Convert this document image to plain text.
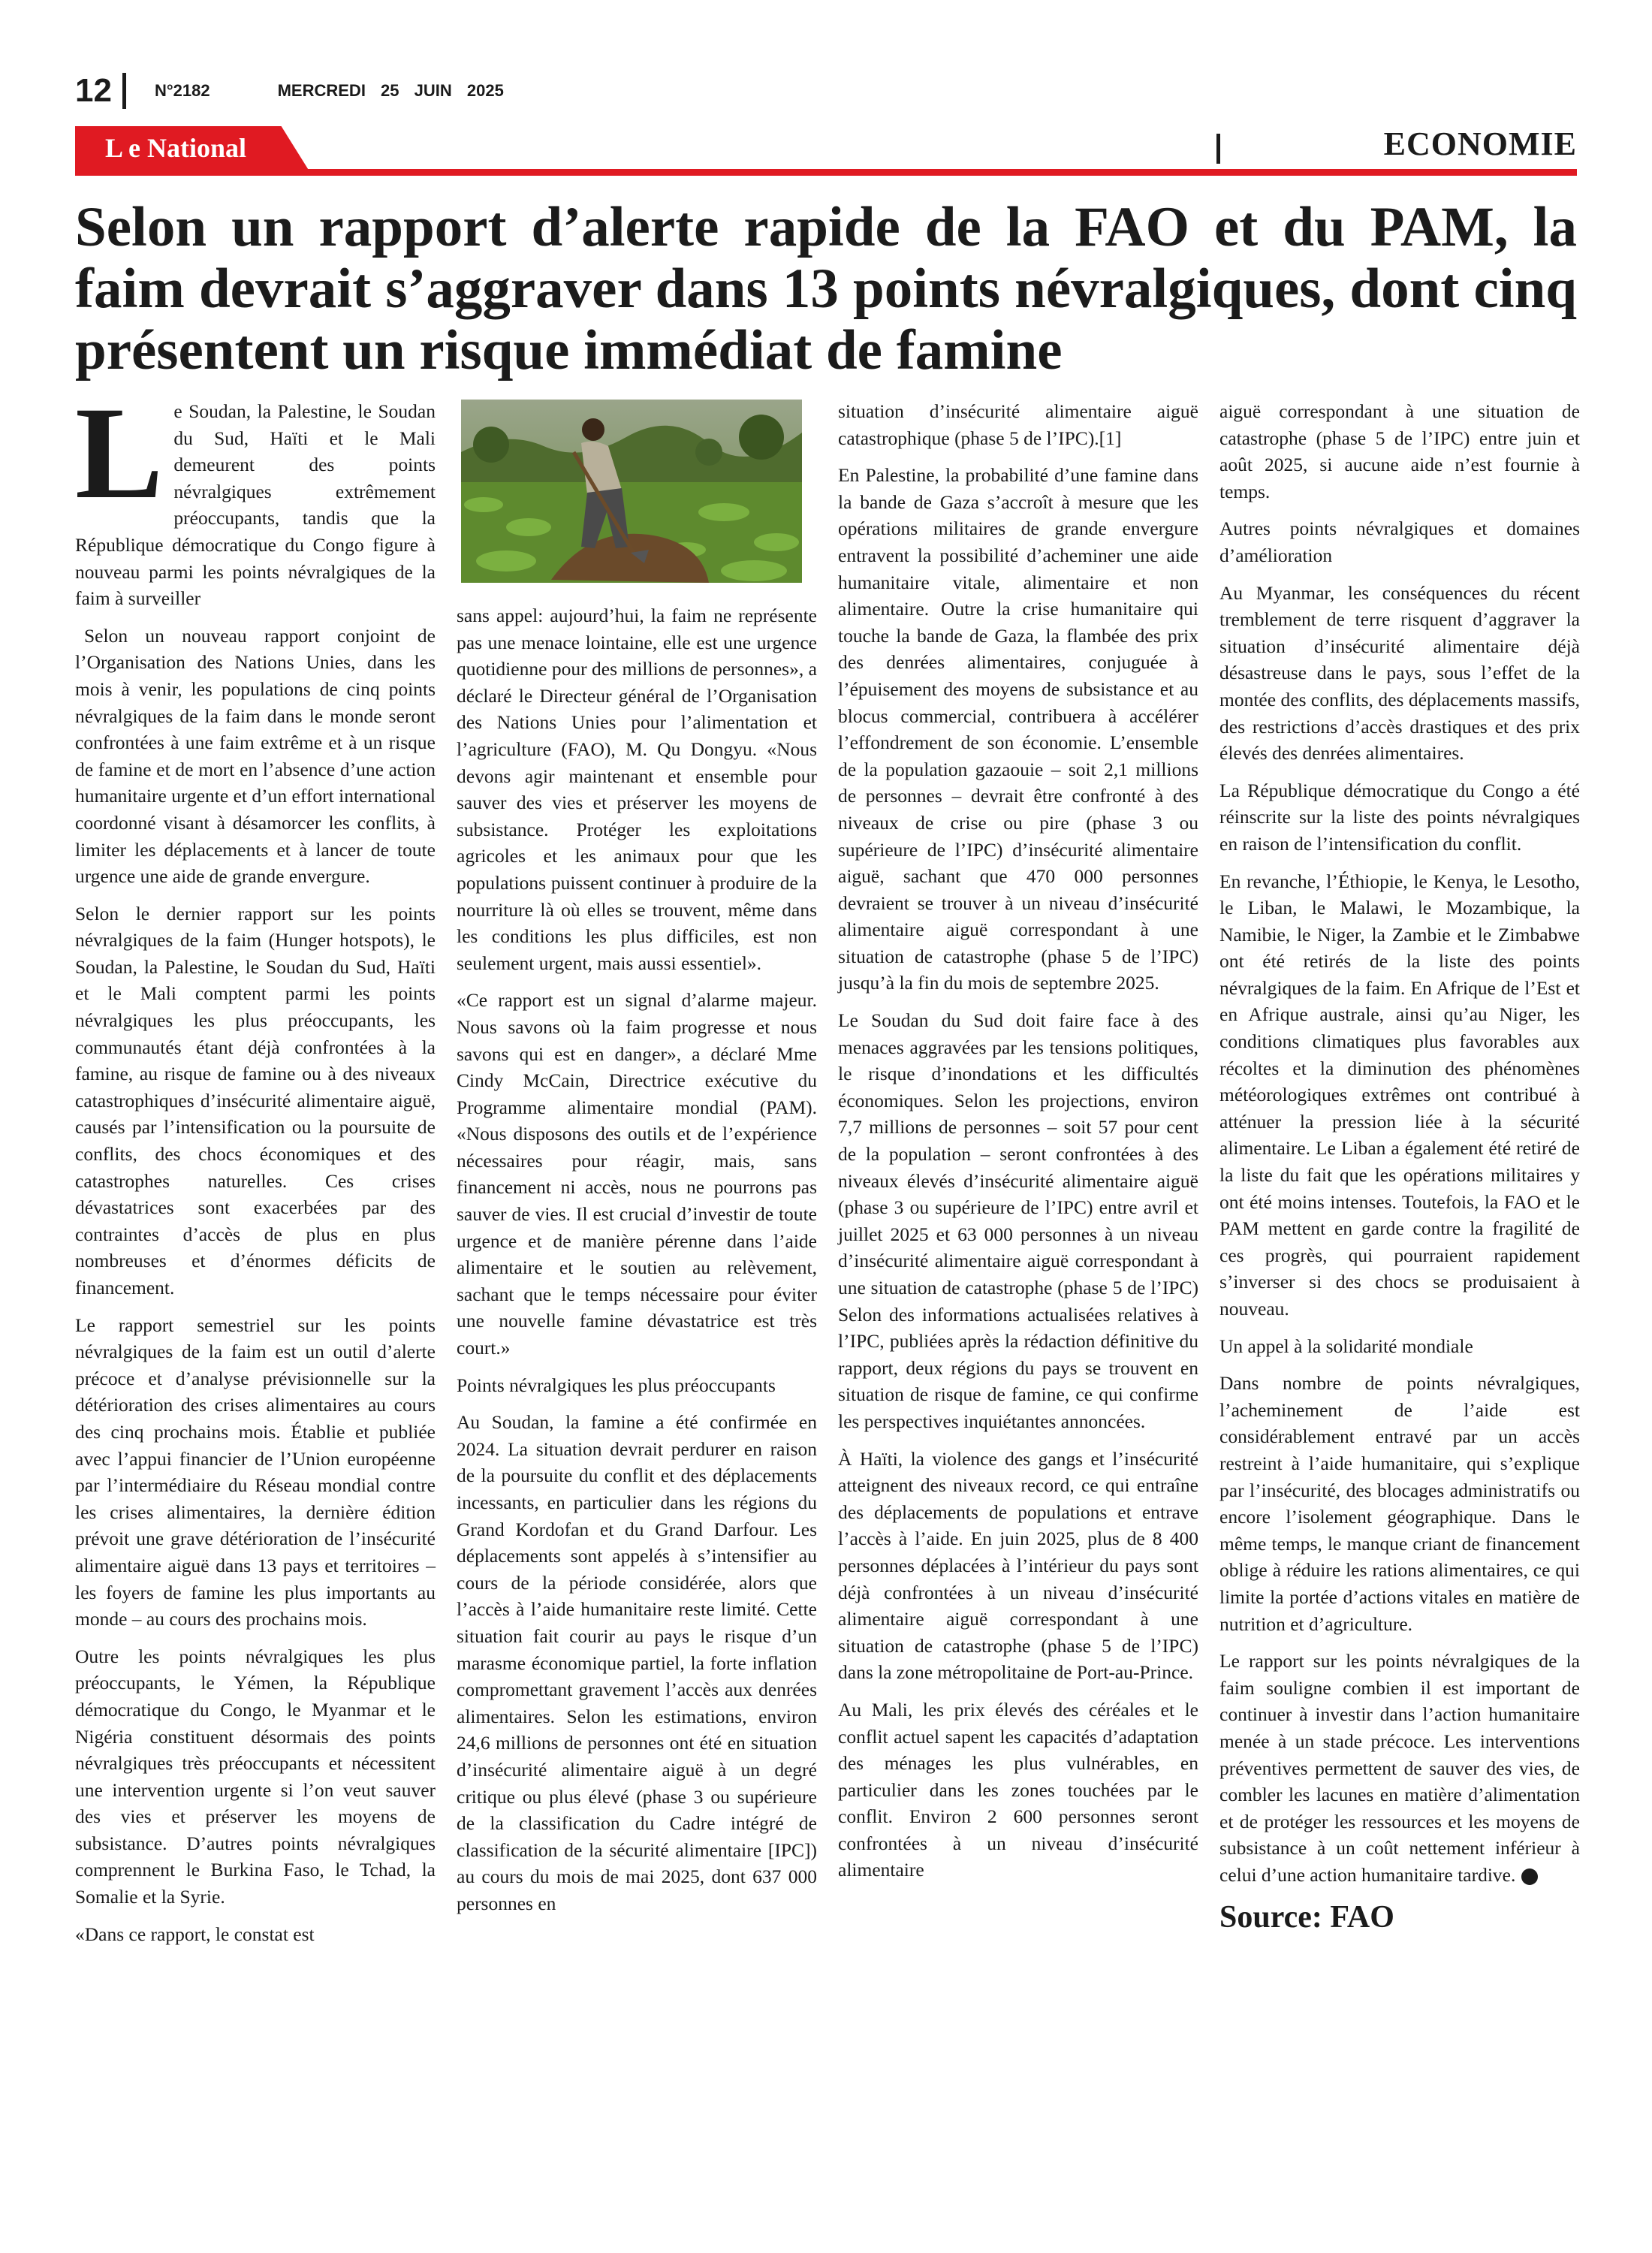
12	N°2182	MERCREDI 25 JUIN 2025
L e National	ECONOMIE
Selon un rapport d’alerte rapide de la FAO et du PAM, la faim devrait s’aggraver dans 13 points névralgiques, dont cinq présentent un risque immédiat de famine

Le Soudan, la Palestine, le Soudan du Sud, Haïti et le Mali demeurent des points névralgiques extrêmement préoccupants, tandis que la République démocratique du Congo figure à nouveau parmi les points névralgiques de la faim à surveiller

Selon un nouveau rapport conjoint de l’Organisation des Nations Unies, dans les mois à venir, les populations de cinq points névralgiques de la faim dans le monde seront confrontées à une faim extrême et à un risque de famine et de mort en l’absence d’une action humanitaire urgente et d’un effort international coordonné visant à désamorcer les conflits, à limiter les déplacements et à lancer de toute urgence une aide de grande envergure.

Selon le dernier rapport sur les points névralgiques de la faim (Hunger hotspots), le Soudan, la Palestine, le Soudan du Sud, Haïti et le Mali comptent parmi les points névralgiques les plus préoccupants, les communautés étant déjà confrontées à la famine, au risque de famine ou à des niveaux catastrophiques d’insécurité alimentaire aiguë, causés par l’intensification ou la poursuite de conflits, des chocs économiques et des catastrophes naturelles. Ces crises dévastatrices sont exacerbées par des contraintes d’accès de plus en plus nombreuses et d’énormes déficits de financement.

Le rapport semestriel sur les points névralgiques de la faim est un outil d’alerte précoce et d’analyse prévisionnelle sur la détérioration des crises alimentaires au cours des cinq prochains mois. Établie et publiée avec l’appui financier de l’Union européenne par l’intermédiaire du Réseau mondial contre les crises alimentaires, la dernière édition prévoit une grave détérioration de l’insécurité alimentaire aiguë dans 13 pays et territoires – les foyers de famine les plus importants au monde – au cours des prochains mois.

Outre les points névralgiques les plus préoccupants, le Yémen, la République démocratique du Congo, le Myanmar et le Nigéria constituent désormais des points névralgiques très préoccupants et nécessitent une intervention urgente si l’on veut sauver des vies et préserver les moyens de subsistance. D’autres points névralgiques comprennent le Burkina Faso, le Tchad, la Somalie et la Syrie.

«Dans ce rapport, le constat est

sans appel: aujourd’hui, la faim ne représente pas une menace lointaine, elle est une urgence quotidienne pour des millions de personnes», a déclaré le Directeur général de l’Organisation des Nations Unies pour l’alimentation et l’agriculture (FAO), M. Qu Dongyu. «Nous devons agir maintenant et ensemble pour sauver des vies et préserver les moyens de subsistance. Protéger les exploitations agricoles et les animaux pour que les populations puissent continuer à produire de la nourriture là où elles se trouvent, même dans les conditions les plus difficiles, est non seulement urgent, mais aussi essentiel».

«Ce rapport est un signal d’alarme majeur. Nous savons où la faim progresse et nous savons qui est en danger», a déclaré Mme Cindy McCain, Directrice exécutive du Programme alimentaire mondial (PAM). «Nous disposons des outils et de l’expérience nécessaires pour réagir, mais, sans financement ni accès, nous ne pourrons pas sauver de vies. Il est crucial d’investir de toute urgence et de manière pérenne dans l’aide alimentaire et le soutien au relèvement, sachant que le temps nécessaire pour éviter une nouvelle famine dévastatrice est très court.»

Points névralgiques les plus préoccupants

Au Soudan, la famine a été confirmée en 2024. La situation devrait perdurer en raison de la poursuite du conflit et des déplacements incessants, en particulier dans les régions du Grand Kordofan et du Grand Darfour. Les déplacements sont appelés à s’intensifier au cours de la période considérée, alors que l’accès à l’aide humanitaire reste limité. Cette situation fait courir au pays le risque d’un marasme économique partiel, la forte inflation compromettant gravement l’accès aux denrées alimentaires. Selon les estimations, environ 24,6 millions de personnes ont été en situation d’insécurité alimentaire aiguë à un degré critique ou plus élevé (phase 3 ou supérieure de la classification du Cadre intégré de classification de la sécurité alimentaire [IPC]) au cours du mois de mai 2025, dont 637 000 personnes en

situation d’insécurité alimentaire aiguë catastrophique (phase 5 de l’IPC).[1]

En Palestine, la probabilité d’une famine dans la bande de Gaza s’accroît à mesure que les opérations militaires de grande envergure entravent la possibilité d’acheminer une aide humanitaire vitale, alimentaire et non alimentaire. Outre la crise humanitaire qui touche la bande de Gaza, la flambée des prix des denrées alimentaires, conjuguée à l’épuisement des moyens de subsistance et au blocus commercial, contribuera à accélérer l’effondrement de son économie. L’ensemble de la population gazaouie – soit 2,1 millions de personnes – devrait être confronté à des niveaux de crise ou pire (phase 3 ou supérieure de l’IPC) d’insécurité alimentaire aiguë, sachant que 470 000 personnes devraient se trouver à un niveau d’insécurité alimentaire aiguë correspondant à une situation de catastrophe (phase 5 de l’IPC) jusqu’à la fin du mois de septembre 2025.

Le Soudan du Sud doit faire face à des menaces aggravées par les tensions politiques, le risque d’inondations et les difficultés économiques. Selon les projections, environ 7,7 millions de personnes – soit 57 pour cent de la population – seront confrontées à des niveaux élevés d’insécurité alimentaire aiguë (phase 3 ou supérieure de l’IPC) entre avril et juillet 2025 et 63 000 personnes à un niveau d’insécurité alimentaire aiguë correspondant à une situation de catastrophe (phase 5 de l’IPC) Selon des informations actualisées relatives à l’IPC, publiées après la rédaction définitive du rapport, deux régions du pays se trouvent en situation de risque de famine, ce qui confirme les perspectives inquiétantes annoncées.

À Haïti, la violence des gangs et l’insécurité atteignent des niveaux record, ce qui entraîne des déplacements de populations et entrave l’accès à l’aide. En juin 2025, plus de 8 400 personnes déplacées à l’intérieur du pays sont déjà confrontées à un niveau d’insécurité alimentaire aiguë correspondant à une situation de catastrophe (phase 5 de l’IPC) dans la zone métropolitaine de Port-au-Prince.

Au Mali, les prix élevés des céréales et le conflit actuel sapent les capacités d’adaptation des ménages les plus vulnérables, en particulier dans les zones touchées par le conflit. Environ 2 600 personnes seront confrontées à un niveau d’insécurité alimentaire

aiguë correspondant à une situation de catastrophe (phase 5 de l’IPC) entre juin et août 2025, si aucune aide n’est fournie à temps.

Autres points névralgiques et domaines d’amélioration

Au Myanmar, les conséquences du récent tremblement de terre risquent d’aggraver la situation d’insécurité alimentaire déjà désastreuse dans le pays, sous l’effet de la montée des conflits, des déplacements massifs, des restrictions d’accès drastiques et des prix élevés des denrées alimentaires.

La République démocratique du Congo a été réinscrite sur la liste des points névralgiques en raison de l’intensification du conflit.

En revanche, l’Éthiopie, le Kenya, le Lesotho, le Liban, le Malawi, le Mozambique, la Namibie, le Niger, la Zambie et le Zimbabwe ont été retirés de la liste des points névralgiques de la faim. En Afrique de l’Est et en Afrique australe, ainsi qu’au Niger, les conditions climatiques plus favorables aux récoltes et la diminution des phénomènes météorologiques extrêmes ont contribué à atténuer la pression liée à la sécurité alimentaire. Le Liban a également été retiré de la liste du fait que les opérations militaires y ont été moins intenses. Toutefois, la FAO et le PAM mettent en garde contre la fragilité de ces progrès, qui pourraient rapidement s’inverser si des chocs se produisaient à nouveau.

Un appel à la solidarité mondiale

Dans nombre de points névralgiques, l’acheminement de l’aide est considérablement entravé par un accès restreint à l’aide humanitaire, qui s’explique par l’insécurité, des blocages administratifs ou encore l’isolement géographique. Dans le même temps, le manque criant de financement oblige à réduire les rations alimentaires, ce qui limite la portée d’actions vitales en matière de nutrition et d’agriculture.

Le rapport sur les points névralgiques de la faim souligne combien il est important de continuer à investir dans l’action humanitaire menée à un stade précoce. Les interventions préventives permettent de sauver des vies, de combler les lacunes en matière d’alimentation et de protéger les ressources et les moyens de subsistance à un coût nettement inférieur à celui d’une action humanitaire tardive.

Source: FAO
